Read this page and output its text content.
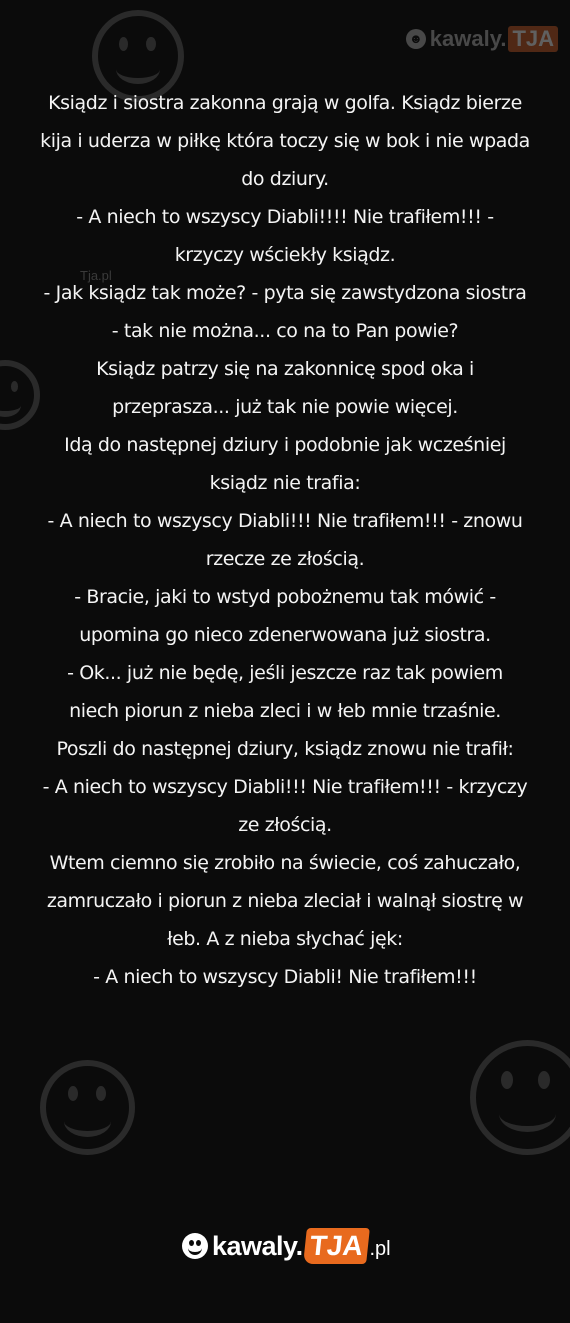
☻ kawaly. TJA
Tja.pl

Ksiądz i siostra zakonna grają w golfa. Ksiądz bierze kija i uderza w piłkę która toczy się w bok i nie wpada do dziury.

- A niech to wszyscy Diabli!!!! Nie trafiłem!!! - krzyczy wściekły ksiądz.

- Jak ksiądz tak może? - pyta się zawstydzona siostra - tak nie można... co na to Pan powie?

Ksiądz patrzy się na zakonnicę spod oka i przeprasza... już tak nie powie więcej.

Idą do następnej dziury i podobnie jak wcześniej ksiądz nie trafia:

- A niech to wszyscy Diabli!!! Nie trafiłem!!! - znowu rzecze ze złością.

- Bracie, jaki to wstyd pobożnemu tak mówić - upomina go nieco zdenerwowana już siostra.

- Ok... już nie będę, jeśli jeszcze raz tak powiem niech piorun z nieba zleci i w łeb mnie trzaśnie.

Poszli do następnej dziury, ksiądz znowu nie trafił:

- A niech to wszyscy Diabli!!! Nie trafiłem!!! - krzyczy ze złością.

Wtem ciemno się zrobiło na świecie, coś zahuczało, zamruczało i piorun z nieba zleciał i walnął siostrę w łeb. A z nieba słychać jęk:

- A niech to wszyscy Diabli! Nie trafiłem!!!

kawaly. TJA .pl
